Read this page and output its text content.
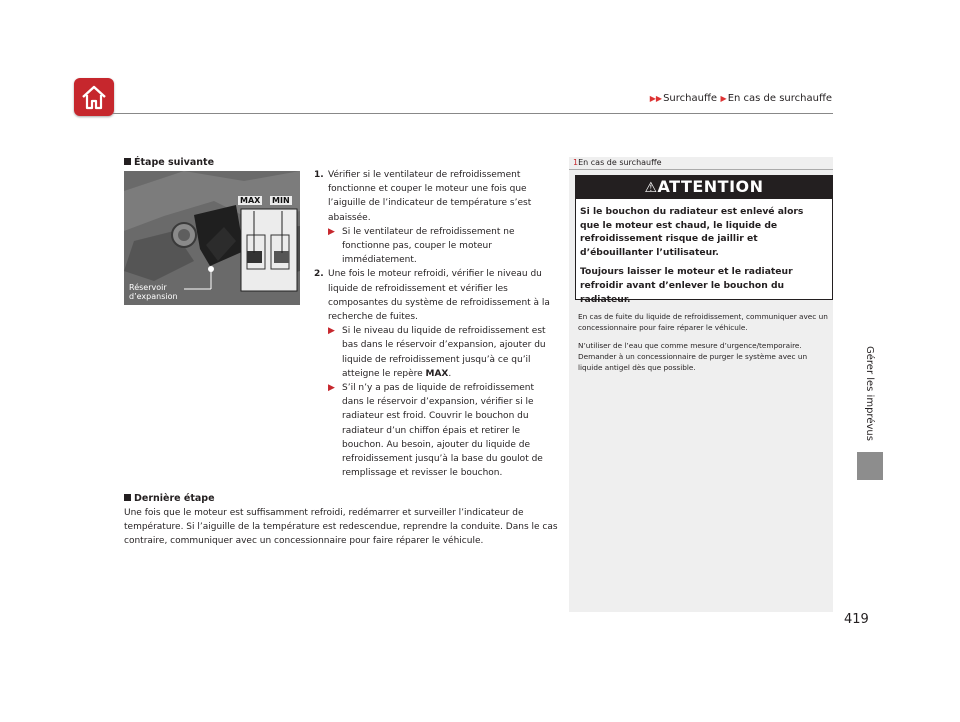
▶▶Surchauffe ▶En cas de surchauffe
Gérer les imprévus
419
Étape suivante
MAX MIN
Réservoir
d’expansion
1. Vérifier si le ventilateur de refroidissement fonctionne et couper le moteur une fois que l’aiguille de l’indicateur de température s’est abaissée.
▶ Si le ventilateur de refroidissement ne fonctionne pas, couper le moteur immédiatement.
2. Une fois le moteur refroidi, vérifier le niveau du liquide de refroidissement et vérifier les composantes du système de refroidissement à la recherche de fuites.
▶ Si le niveau du liquide de refroidissement est bas dans le réservoir d’expansion, ajouter du liquide de refroidissement jusqu’à ce qu’il atteigne le repère MAX.
▶ S’il n’y a pas de liquide de refroidissement dans le réservoir d’expansion, vérifier si le radiateur est froid. Couvrir le bouchon du radiateur d’un chiffon épais et retirer le bouchon. Au besoin, ajouter du liquide de refroidissement jusqu’à la base du goulot de remplissage et revisser le bouchon.
Dernière étape
Une fois que le moteur est suffisamment refroidi, redémarrer et surveiller l’indicateur de température. Si l’aiguille de la température est redescendue, reprendre la conduite. Dans le cas contraire, communiquer avec un concessionnaire pour faire réparer le véhicule.
1En cas de surchauffe
⚠ATTENTION
Si le bouchon du radiateur est enlevé alors que le moteur est chaud, le liquide de refroidissement risque de jaillir et d’ébouillanter l’utilisateur.
Toujours laisser le moteur et le radiateur refroidir avant d’enlever le bouchon du radiateur.
En cas de fuite du liquide de refroidissement, communiquer avec un concessionnaire pour faire réparer le véhicule.
N’utiliser de l’eau que comme mesure d’urgence/temporaire. Demander à un concessionnaire de purger le système avec un liquide antigel dès que possible.
